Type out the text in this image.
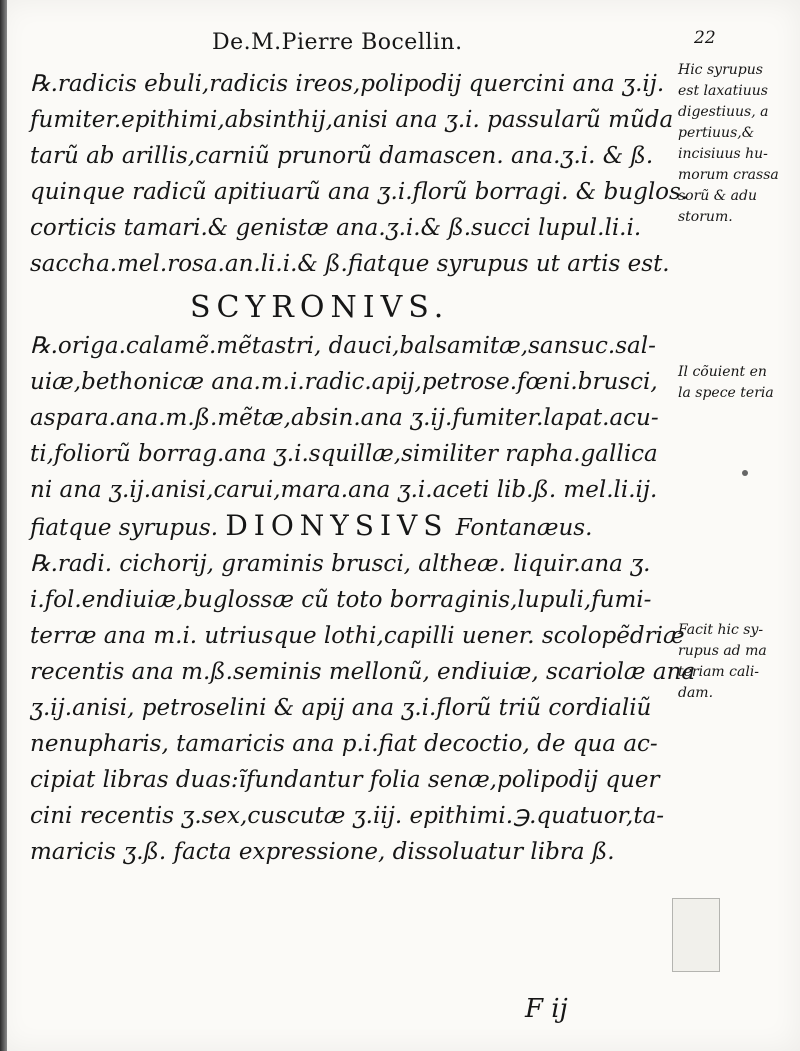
De.M.Pierre Bocellin.	22
℞.radicis ebuli,radicis ireos,polipodij quercini ana ʒ.ij.
fumiter.epithimi,absinthij,anisi ana ʒ.i. passularũ mũda
tarũ ab arillis,carniũ prunorũ damascen. ana.ʒ.i. & ß.
quinque radicũ apitiuarũ ana ʒ.i.florũ borragi. & buglos.
corticis tamari.& genistæ ana.ʒ.i.& ß.succi lupul.li.i.
saccha.mel.rosa.an.li.i.& ß.fiatque syrupus ut artis est.
SCYRONIVS.
℞.origa.calamẽ.mẽtastri, dauci,balsamitæ,sansuc.sal-
uiæ,bethonicæ ana.m.i.radic.apij,petrose.fœni.brusci,
aspara.ana.m.ß.mẽtæ,absin.ana ʒ.ij.fumiter.lapat.acu-
ti,foliorũ borrag.ana ʒ.i.squillæ,similiter rapha.gallica
ni ana ʒ.ij.anisi,carui,mara.ana ʒ.i.aceti lib.ß. mel.li.ij.
fiatque syrupus. DIONYSIVS Fontanæus.
℞.radi. cichorij, graminis brusci, altheæ. liquir.ana ʒ.
i.fol.endiuiæ,buglossæ cũ toto borraginis,lupuli,fumi-
terræ ana m.i. utriusque lothi,capilli uener. scolopẽdriæ
recentis ana m.ß.seminis mellonũ, endiuiæ, scariolæ ana
ʒ.ij.anisi, petroselini & apij ana ʒ.i.florũ triũ cordialiũ
nenupharis, tamaricis ana p.i.fiat decoctio, de qua ac-
cipiat libras duas:ĩfundantur folia senæ,polipodij quer
cini recentis ʒ.sex,cuscutæ ʒ.iij. epithimi.℈.quatuor,ta-
maricis ʒ.ß. facta expressione, dissoluatur libra ß.
Hic syrupus
est laxatiuus
digestiuus, a
pertiuus,&
incisiuus hu-
morum crassa
sorũ & adu
storum.
Il cõuient en
la spece teria
Facit hic sy-
rupus ad ma
teriam cali-
dam.
F ij
